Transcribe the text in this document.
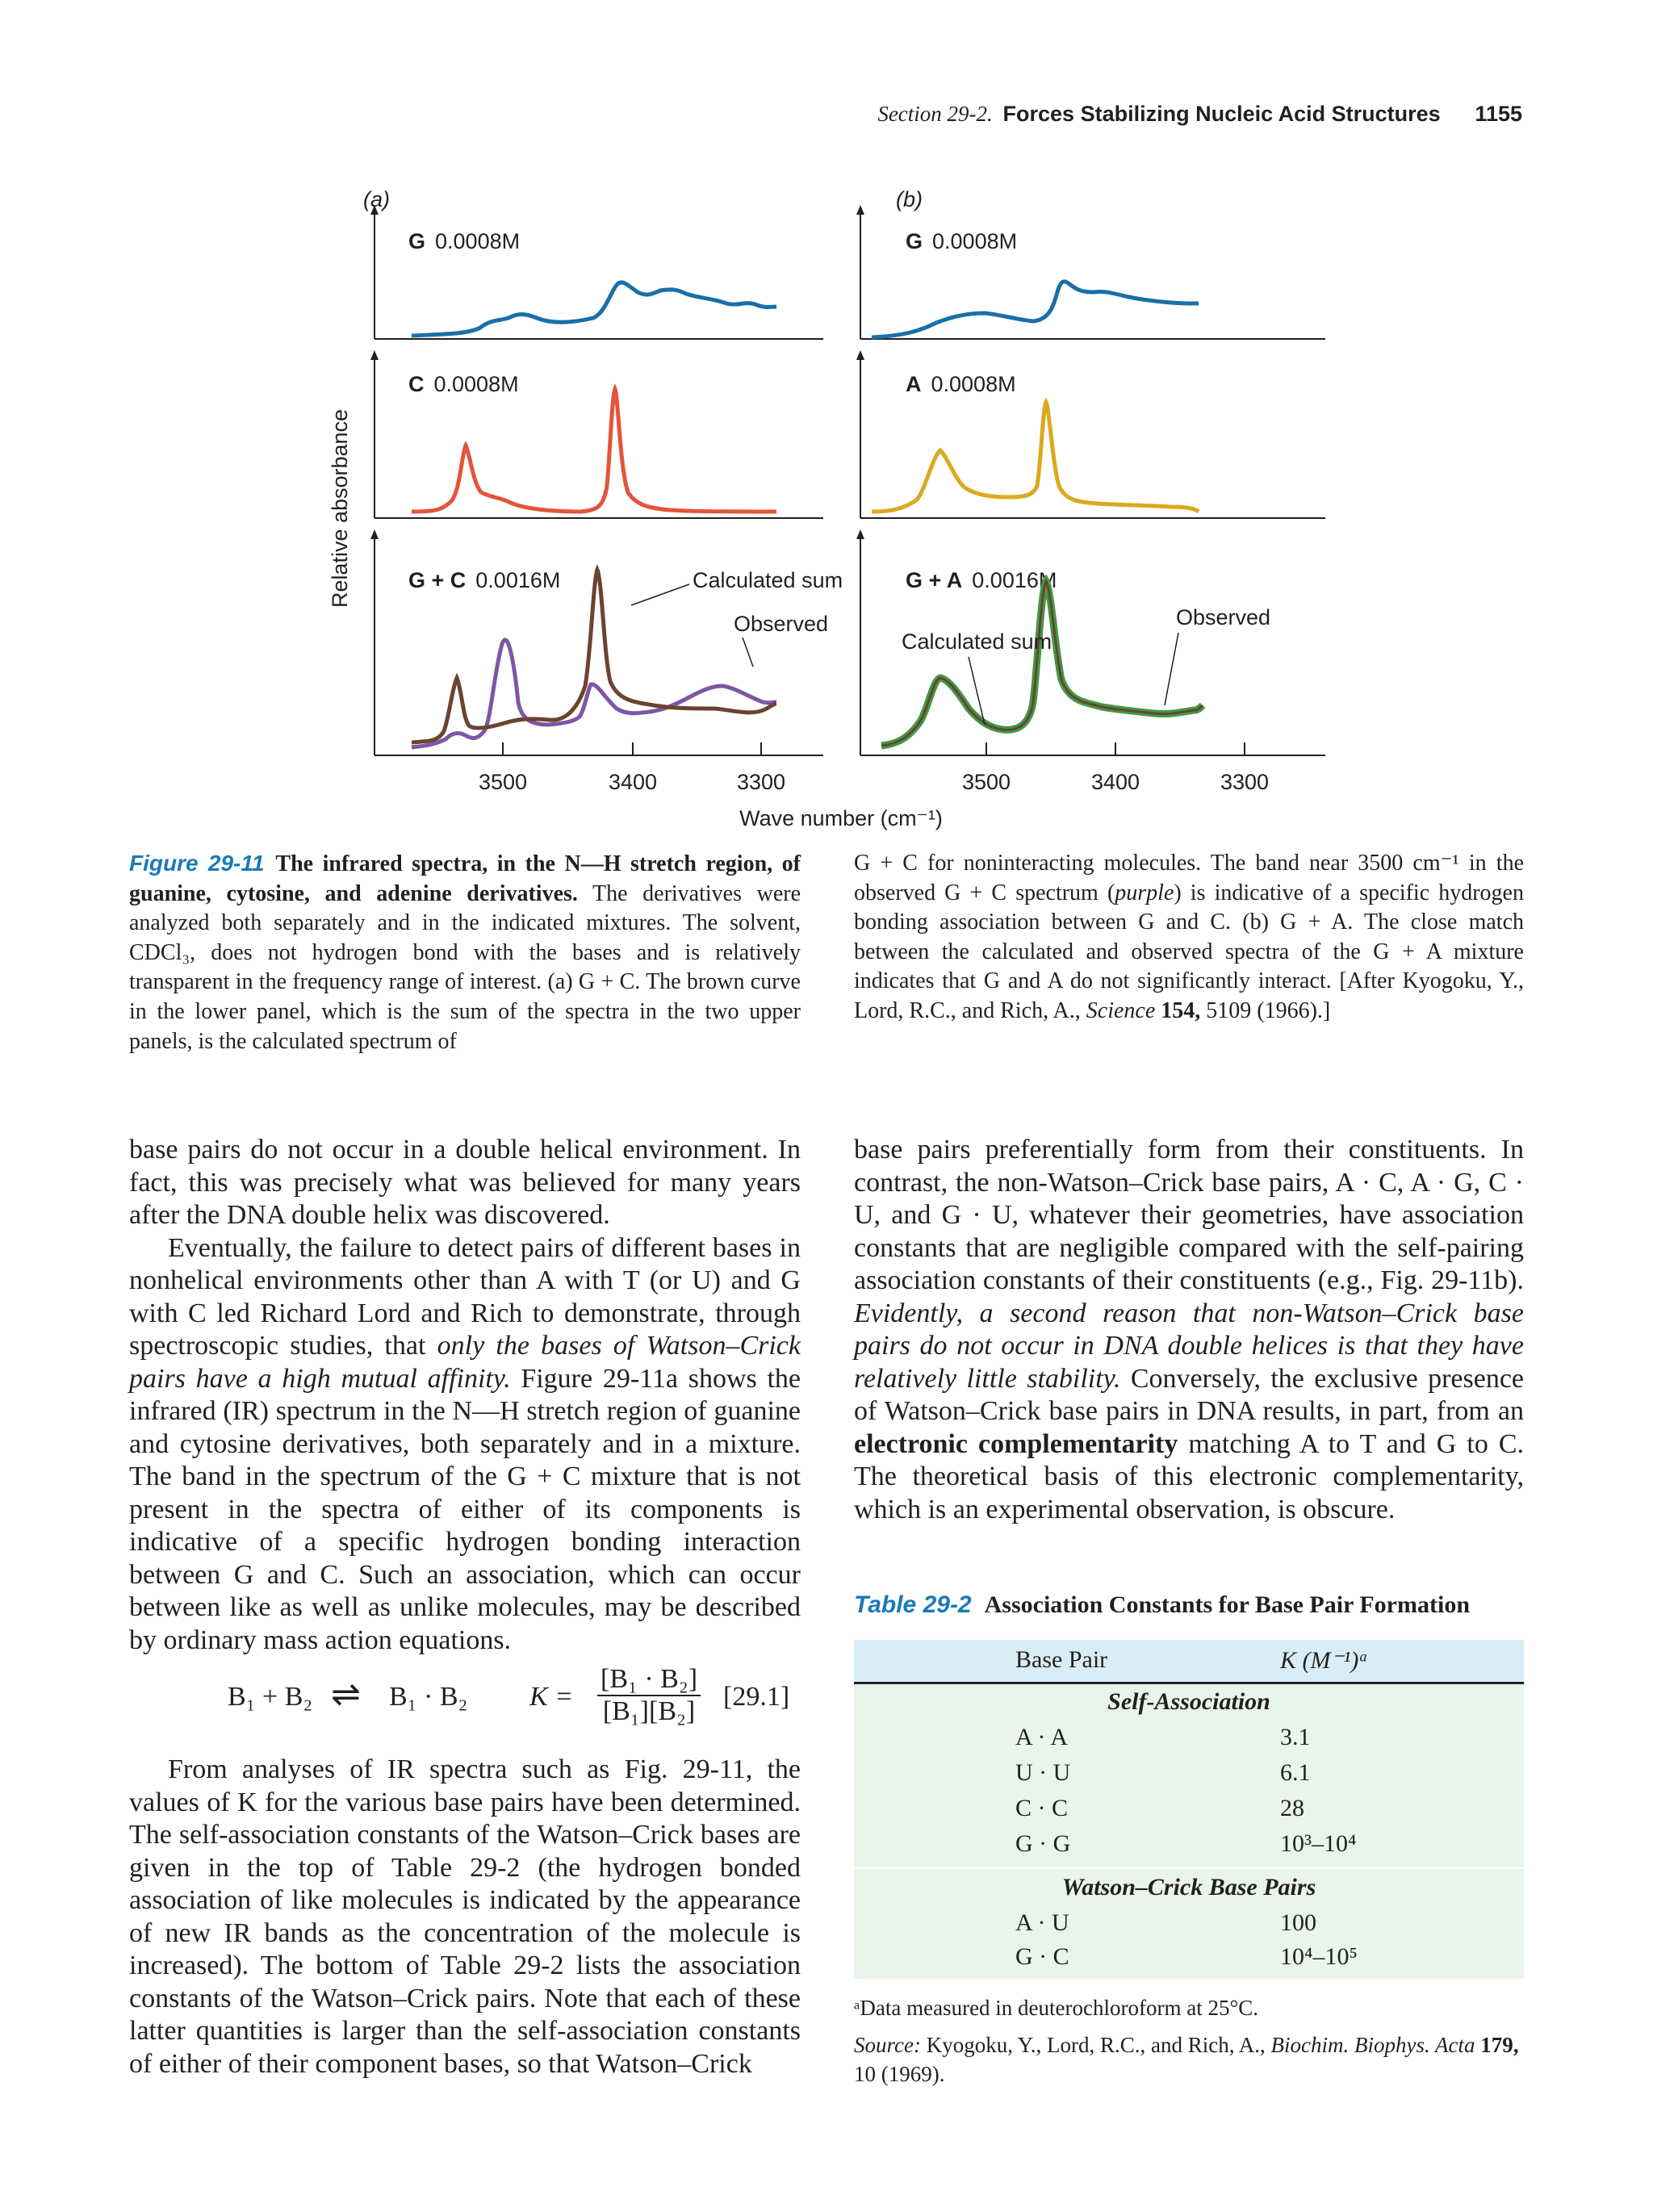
Section 29-2. Forces Stabilizing Nucleic Acid Structures 1155
Relative absorbance
(a)	(b)
G 0.0008M
C 0.0008M
G + C 0.0016M
G 0.0008M
A 0.0008M
G + A 0.0016M
Calculated sum
Observed
Calculated sum
Observed
3500	3400	3300	3500	3400	3300
Wave number (cm⁻¹)
Figure 29-11 The infrared spectra, in the N—H stretch region, of guanine, cytosine, and adenine derivatives. The derivatives were analyzed both separately and in the indicated mixtures. The solvent, CDCl₃, does not hydrogen bond with the bases and is relatively transparent in the frequency range of interest. (a) G + C. The brown curve in the lower panel, which is the sum of the spectra in the two upper panels, is the calculated spectrum of
G + C for noninteracting molecules. The band near 3500 cm⁻¹ in the observed G + C spectrum (purple) is indicative of a specific hydrogen bonding association between G and C. (b) G + A. The close match between the calculated and observed spectra of the G + A mixture indicates that G and A do not significantly interact. [After Kyogoku, Y., Lord, R.C., and Rich, A., Science 154, 5109 (1966).]

base pairs do not occur in a double helical environment. In fact, this was precisely what was believed for many years after the DNA double helix was discovered.

Eventually, the failure to detect pairs of different bases in nonhelical environments other than A with T (or U) and G with C led Richard Lord and Rich to demonstrate, through spectroscopic studies, that only the bases of Watson–Crick pairs have a high mutual affinity. Figure 29-11a shows the infrared (IR) spectrum in the N—H stretch region of guanine and cytosine derivatives, both separately and in a mixture. The band in the spectrum of the G + C mixture that is not present in the spectra of either of its components is indicative of a specific hydrogen bonding interaction between G and C. Such an association, which can occur between like as well as unlike molecules, may be described by ordinary mass action equations.

B₁ + B₂ ⇌ B₁ · B₂ $K = \frac{\text{[B₁ · B₂]}}{\text{[B₁][B₂]}} [29.1]$

From analyses of IR spectra such as Fig. 29-11, the values of K for the various base pairs have been determined. The self-association constants of the Watson–Crick bases are given in the top of Table 29-2 (the hydrogen bonded association of like molecules is indicated by the appearance of new IR bands as the concentration of the molecule is increased). The bottom of Table 29-2 lists the association constants of the Watson–Crick pairs. Note that each of these latter quantities is larger than the self-association constants of either of their component bases, so that Watson–Crick

base pairs preferentially form from their constituents. In contrast, the non-Watson–Crick base pairs, A · C, A · G, C · U, and G · U, whatever their geometries, have association constants that are negligible compared with the self-pairing association constants of their constituents (e.g., Fig. 29-11b). Evidently, a second reason that non-Watson–Crick base pairs do not occur in DNA double helices is that they have relatively little stability. Conversely, the exclusive presence of Watson–Crick base pairs in DNA results, in part, from an electronic complementarity matching A to T and G to C. The theoretical basis of this electronic complementarity, which is an experimental observation, is obscure.

Table 29-2 Association Constants for Base Pair Formation
Base Pair	K (M⁻¹)ᵃ
Self-Association
A · A	3.1
U · U	6.1
C · C	28
G · G	10³–10⁴
Watson–Crick Base Pairs
A · U	100
G · C	10⁴–10⁵

ᵃData measured in deuterochloroform at 25°C.

Source: Kyogoku, Y., Lord, R.C., and Rich, A., Biochim. Biophys. Acta 179, 10 (1969).
